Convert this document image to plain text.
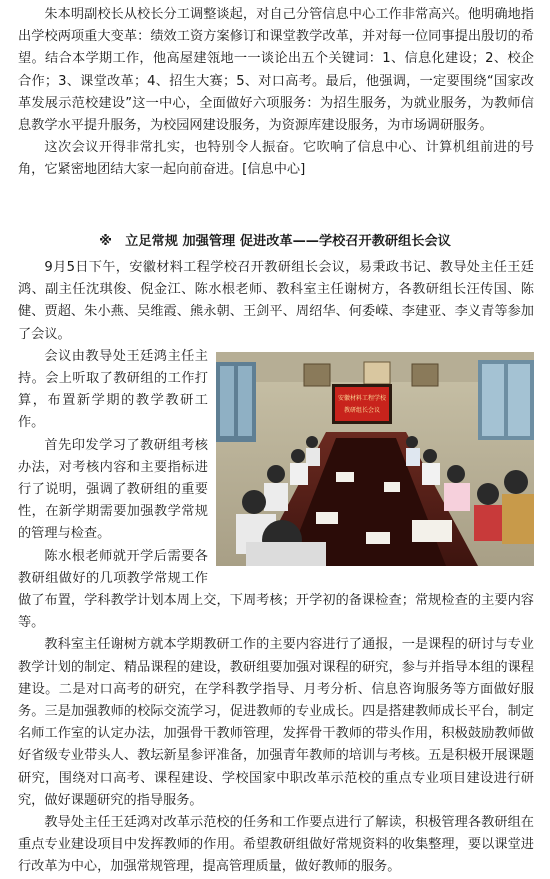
朱本明副校长从校长分工调整谈起，对自己分管信息中心工作非常高兴。他明确地指出学校两项重大变革：绩效工资方案修订和课堂教学改革，并对每一位同事提出殷切的希望。结合本学期工作，他高屋建瓴地一一谈论出五个关键词：1、信息化建设；2、校企合作；3、课堂改革；4、招生大赛；5、对口高考。最后，他强调，一定要围绕“国家改革发展示范校建设”这一中心，全面做好六项服务：为招生服务，为就业服务，为教师信息教学水平提升服务，为校园网建设服务，为资源库建设服务，为市场调研服务。

这次会议开得非常扎实，也特别令人振奋。它吹响了信息中心、计算机组前进的号角，它紧密地团结大家一起向前奋进。[信息中心]

※　立足常规 加强管理 促进改革——学校召开教研组长会议

9月5日下午，安徽材料工程学校召开教研组长会议，易秉政书记、教导处主任王廷鸿、副主任沈琪俊、倪金江、陈水根老师、教科室主任谢树方，各教研组长汪传国、陈健、贾超、朱小燕、吴维霞、熊永朝、王剑平、周绍华、何委嵘、李建亚、李义青等参加了会议。

安徽材料工程学校
教研组长会议

会议由教导处王廷鸿主任主持。会上听取了教研组的工作打算，布置新学期的教学教研工作。

首先印发学习了教研组考核办法，对考核内容和主要指标进行了说明，强调了教研组的重要性，在新学期需要加强教学常规的管理与检查。

陈水根老师就开学后需要各教研组做好的几项教学常规工作做了布置，学科教学计划本周上交，下周考核；开学初的备课检查；常规检查的主要内容等。

教科室主任谢树方就本学期教研工作的主要内容进行了通报，一是课程的研讨与专业教学计划的制定、精品课程的建设，教研组要加强对课程的研究，参与并指导本组的课程建设。二是对口高考的研究，在学科教学指导、月考分析、信息咨询服务等方面做好服务。三是加强教师的校际交流学习，促进教师的专业成长。四是搭建教师成长平台，制定名师工作室的认定办法，加强骨干教师管理，发挥骨干教师的带头作用，积极鼓励教师做好省级专业带头人、教坛新星参评准备，加强青年教师的培训与考核。五是积极开展课题研究，围绕对口高考、课程建设、学校国家中职改革示范校的重点专业项目建设进行研究，做好课题研究的指导服务。

教导处主任王廷鸿对改革示范校的任务和工作要点进行了解读，积极管理各教研组在重点专业建设项目中发挥教师的作用。希望教研组做好常规资料的收集整理，要以课堂进行改革为中心，加强常规管理，提高管理质量，做好教师的服务。
